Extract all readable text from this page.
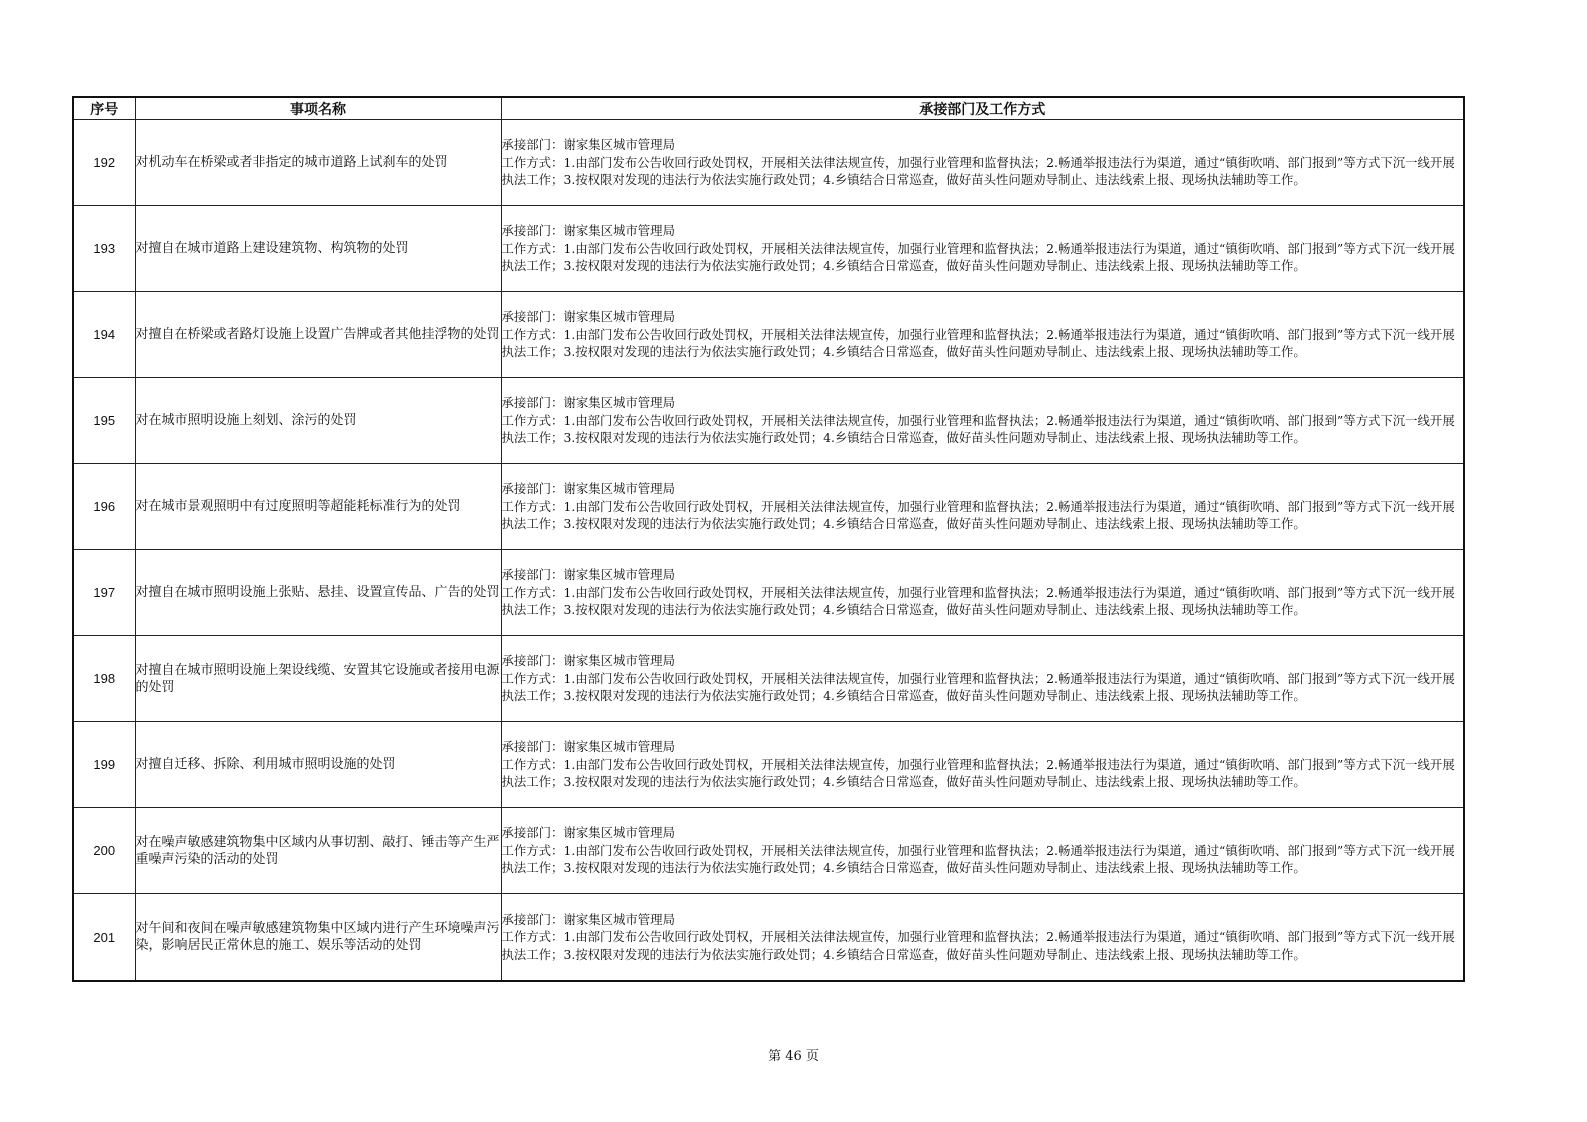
序号	事项名称	承接部门及工作方式
192	对机动车在桥梁或者非指定的城市道路上试刹车的处罚	承接部门：谢家集区城市管理局
工作方式：1.由部门发布公告收回行政处罚权，开展相关法律法规宣传，加强行业管理和监督执法；2.畅通举报违法行为渠道，通过“镇街吹哨、部门报到”等方式下沉一线开展执法工作；3.按权限对发现的违法行为依法实施行政处罚；4.乡镇结合日常巡查，做好苗头性问题劝导制止、违法线索上报、现场执法辅助等工作。

193	对擅自在城市道路上建设建筑物、构筑物的处罚	承接部门：谢家集区城市管理局
工作方式：1.由部门发布公告收回行政处罚权，开展相关法律法规宣传，加强行业管理和监督执法；2.畅通举报违法行为渠道，通过“镇街吹哨、部门报到”等方式下沉一线开展执法工作；3.按权限对发现的违法行为依法实施行政处罚；4.乡镇结合日常巡查，做好苗头性问题劝导制止、违法线索上报、现场执法辅助等工作。

194	对擅自在桥梁或者路灯设施上设置广告牌或者其他挂浮物的处罚	承接部门：谢家集区城市管理局
工作方式：1.由部门发布公告收回行政处罚权，开展相关法律法规宣传，加强行业管理和监督执法；2.畅通举报违法行为渠道，通过“镇街吹哨、部门报到”等方式下沉一线开展执法工作；3.按权限对发现的违法行为依法实施行政处罚；4.乡镇结合日常巡查，做好苗头性问题劝导制止、违法线索上报、现场执法辅助等工作。

195	对在城市照明设施上刻划、涂污的处罚	承接部门：谢家集区城市管理局
工作方式：1.由部门发布公告收回行政处罚权，开展相关法律法规宣传，加强行业管理和监督执法；2.畅通举报违法行为渠道，通过“镇街吹哨、部门报到”等方式下沉一线开展执法工作；3.按权限对发现的违法行为依法实施行政处罚；4.乡镇结合日常巡查，做好苗头性问题劝导制止、违法线索上报、现场执法辅助等工作。

196	对在城市景观照明中有过度照明等超能耗标准行为的处罚	承接部门：谢家集区城市管理局
工作方式：1.由部门发布公告收回行政处罚权，开展相关法律法规宣传，加强行业管理和监督执法；2.畅通举报违法行为渠道，通过“镇街吹哨、部门报到”等方式下沉一线开展执法工作；3.按权限对发现的违法行为依法实施行政处罚；4.乡镇结合日常巡查，做好苗头性问题劝导制止、违法线索上报、现场执法辅助等工作。

197	对擅自在城市照明设施上张贴、悬挂、设置宣传品、广告的处罚	承接部门：谢家集区城市管理局
工作方式：1.由部门发布公告收回行政处罚权，开展相关法律法规宣传，加强行业管理和监督执法；2.畅通举报违法行为渠道，通过“镇街吹哨、部门报到”等方式下沉一线开展执法工作；3.按权限对发现的违法行为依法实施行政处罚；4.乡镇结合日常巡查，做好苗头性问题劝导制止、违法线索上报、现场执法辅助等工作。

198	对擅自在城市照明设施上架设线缆、安置其它设施或者接用电源的处罚	承接部门：谢家集区城市管理局
工作方式：1.由部门发布公告收回行政处罚权，开展相关法律法规宣传，加强行业管理和监督执法；2.畅通举报违法行为渠道，通过“镇街吹哨、部门报到”等方式下沉一线开展执法工作；3.按权限对发现的违法行为依法实施行政处罚；4.乡镇结合日常巡查，做好苗头性问题劝导制止、违法线索上报、现场执法辅助等工作。

199	对擅自迁移、拆除、利用城市照明设施的处罚	承接部门：谢家集区城市管理局
工作方式：1.由部门发布公告收回行政处罚权，开展相关法律法规宣传，加强行业管理和监督执法；2.畅通举报违法行为渠道，通过“镇街吹哨、部门报到”等方式下沉一线开展执法工作；3.按权限对发现的违法行为依法实施行政处罚；4.乡镇结合日常巡查，做好苗头性问题劝导制止、违法线索上报、现场执法辅助等工作。

200	对在噪声敏感建筑物集中区域内从事切割、敲打、锤击等产生严重噪声污染的活动的处罚	承接部门：谢家集区城市管理局
工作方式：1.由部门发布公告收回行政处罚权，开展相关法律法规宣传，加强行业管理和监督执法；2.畅通举报违法行为渠道，通过“镇街吹哨、部门报到”等方式下沉一线开展执法工作；3.按权限对发现的违法行为依法实施行政处罚；4.乡镇结合日常巡查，做好苗头性问题劝导制止、违法线索上报、现场执法辅助等工作。

201	对午间和夜间在噪声敏感建筑物集中区域内进行产生环境噪声污染，影响居民正常休息的施工、娱乐等活动的处罚	承接部门：谢家集区城市管理局
工作方式：1.由部门发布公告收回行政处罚权，开展相关法律法规宣传，加强行业管理和监督执法；2.畅通举报违法行为渠道，通过“镇街吹哨、部门报到”等方式下沉一线开展执法工作；3.按权限对发现的违法行为依法实施行政处罚；4.乡镇结合日常巡查，做好苗头性问题劝导制止、违法线索上报、现场执法辅助等工作。
第 46 页
